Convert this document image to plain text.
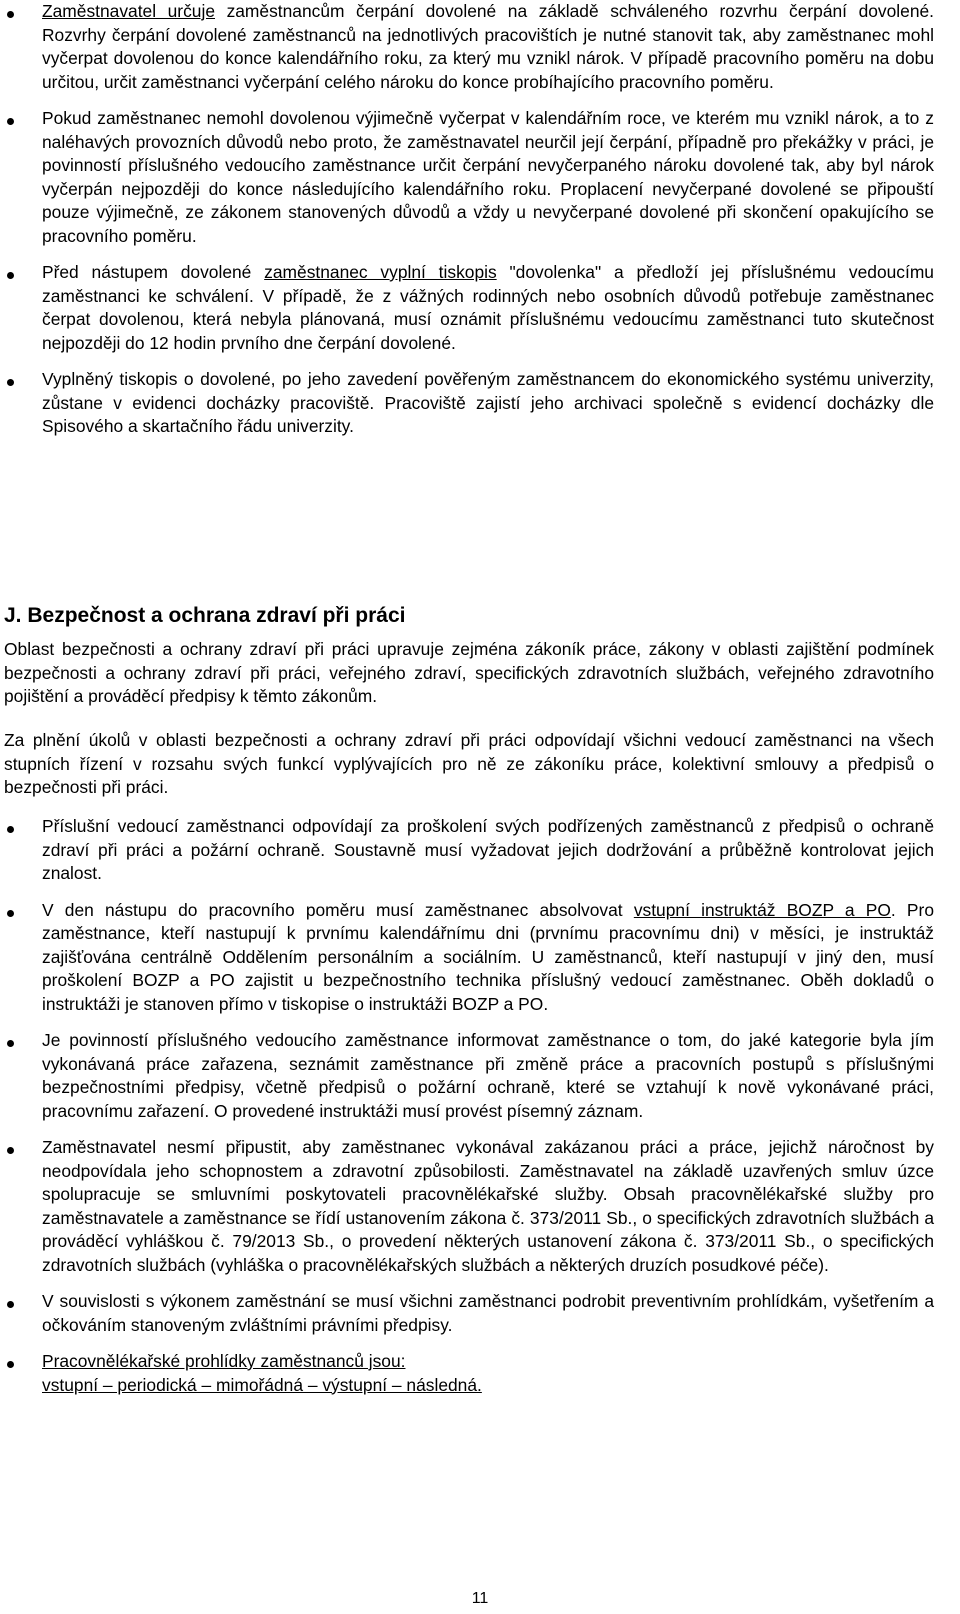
Zaměstnavatel určuje zaměstnancům čerpání dovolené na základě schváleného rozvrhu čerpání dovolené. Rozvrhy čerpání dovolené zaměstnanců na jednotlivých pracovištích je nutné stanovit tak, aby zaměstnanec mohl vyčerpat dovolenou do konce kalendářního roku, za který mu vznikl nárok. V případě pracovního poměru na dobu určitou, určit zaměstnanci vyčerpání celého nároku do konce probíhajícího pracovního poměru.
Pokud zaměstnanec nemohl dovolenou výjimečně vyčerpat v kalendářním roce, ve kterém mu vznikl nárok, a to z naléhavých provozních důvodů nebo proto, že zaměstnavatel neurčil její čerpání, případně pro překážky v práci, je povinností příslušného vedoucího zaměstnance určit čerpání nevyčerpaného nároku dovolené tak, aby byl nárok vyčerpán nejpozději do konce následujícího kalendářního roku. Proplacení nevyčerpané dovolené se připouští pouze výjimečně, ze zákonem stanovených důvodů a vždy u nevyčerpané dovolené při skončení opakujícího se pracovního poměru.
Před nástupem dovolené zaměstnanec vyplní tiskopis "dovolenka" a předloží jej příslušnému vedoucímu zaměstnanci ke schválení. V případě, že z vážných rodinných nebo osobních důvodů potřebuje zaměstnanec čerpat dovolenou, která nebyla plánovaná, musí oznámit příslušnému vedoucímu zaměstnanci tuto skutečnost nejpozději do 12 hodin prvního dne čerpání dovolené.
Vyplněný tiskopis o dovolené, po jeho zavedení pověřeným zaměstnancem do ekonomického systému univerzity, zůstane v evidenci docházky pracoviště. Pracoviště zajistí jeho archivaci společně s evidencí docházky dle Spisového a skartačního řádu univerzity.
J. Bezpečnost a ochrana zdraví při práci
Oblast bezpečnosti a ochrany zdraví při práci upravuje zejména zákoník práce, zákony v oblasti zajištění podmínek bezpečnosti a ochrany zdraví při práci, veřejného zdraví, specifických zdravotních službách, veřejného zdravotního pojištění a prováděcí předpisy k těmto zákonům.
Za plnění úkolů v oblasti bezpečnosti a ochrany zdraví při práci odpovídají všichni vedoucí zaměstnanci na všech stupních řízení v rozsahu svých funkcí vyplývajících pro ně ze zákoníku práce, kolektivní smlouvy a předpisů o bezpečnosti při práci.
Příslušní vedoucí zaměstnanci odpovídají za proškolení svých podřízených zaměstnanců z předpisů o ochraně zdraví při práci a požární ochraně. Soustavně musí vyžadovat jejich dodržování a průběžně kontrolovat jejich znalost.
V den nástupu do pracovního poměru musí zaměstnanec absolvovat vstupní instruktáž BOZP a PO. Pro zaměstnance, kteří nastupují k prvnímu kalendářnímu dni (prvnímu pracovnímu dni) v měsíci, je instruktáž zajišťována centrálně Oddělením personálním a sociálním. U zaměstnanců, kteří nastupují v jiný den, musí proškolení BOZP a PO zajistit u bezpečnostního technika příslušný vedoucí zaměstnanec. Oběh dokladů o instruktáži je stanoven přímo v tiskopise o instruktáži BOZP a PO.
Je povinností příslušného vedoucího zaměstnance informovat zaměstnance o tom, do jaké kategorie byla jím vykonávaná práce zařazena, seznámit zaměstnance při změně práce a pracovních postupů s příslušnými bezpečnostními předpisy, včetně předpisů o požární ochraně, které se vztahují k nově vykonávané práci, pracovnímu zařazení. O provedené instruktáži musí provést písemný záznam.
Zaměstnavatel nesmí připustit, aby zaměstnanec vykonával zakázanou práci a práce, jejichž náročnost by neodpovídala jeho schopnostem a zdravotní způsobilosti. Zaměstnavatel na základě uzavřených smluv úzce spolupracuje se smluvními poskytovateli pracovnělékařské služby. Obsah pracovnělékařské služby pro zaměstnavatele a zaměstnance se řídí ustanovením zákona č. 373/2011 Sb., o specifických zdravotních službách a prováděcí vyhláškou č. 79/2013 Sb., o provedení některých ustanovení zákona č. 373/2011 Sb., o specifických zdravotních službách (vyhláška o pracovnělékařských službách a některých druzích posudkové péče).
V souvislosti s výkonem zaměstnání se musí všichni zaměstnanci podrobit preventivním prohlídkám, vyšetřením a očkováním stanoveným zvláštními právními předpisy.
Pracovnělékařské prohlídky zaměstnanců jsou:
vstupní – periodická – mimořádná – výstupní – následná.
11
